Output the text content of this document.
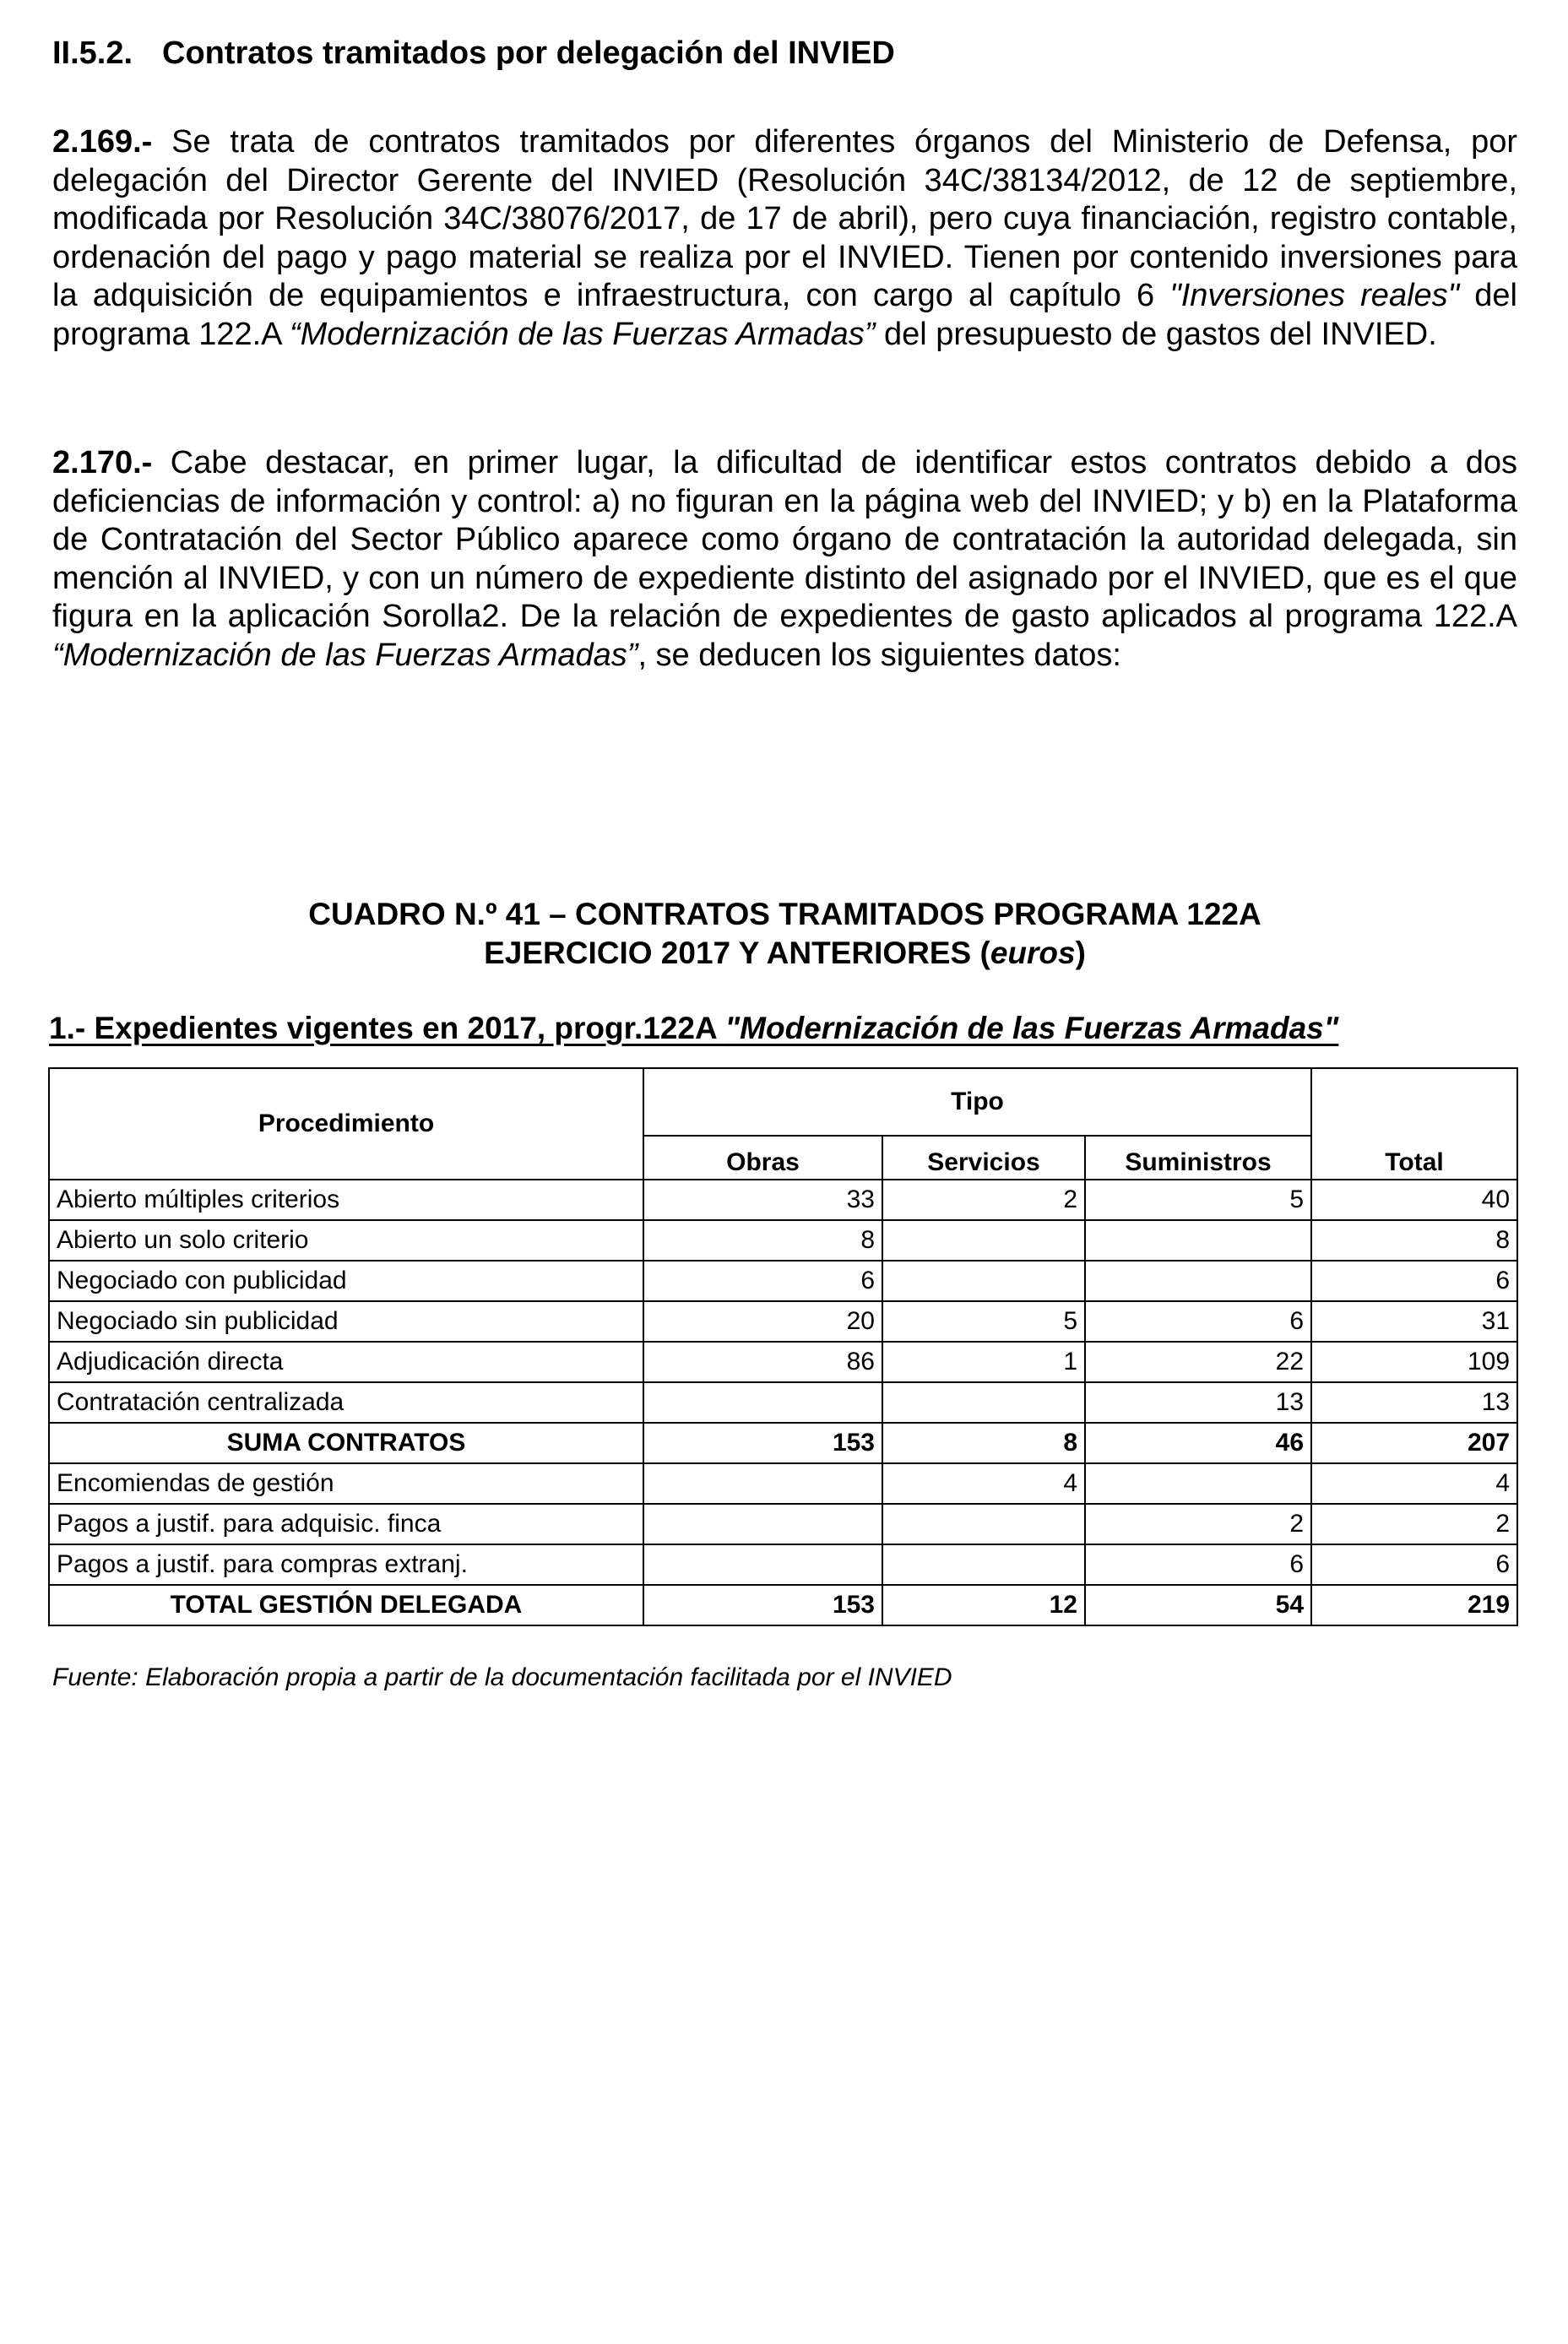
II.5.2. Contratos tramitados por delegación del INVIED
2.169.- Se trata de contratos tramitados por diferentes órganos del Ministerio de Defensa, por delegación del Director Gerente del INVIED (Resolución 34C/38134/2012, de 12 de septiembre, modificada por Resolución 34C/38076/2017, de 17 de abril), pero cuya financiación, registro contable, ordenación del pago y pago material se realiza por el INVIED. Tienen por contenido inversiones para la adquisición de equipamientos e infraestructura, con cargo al capítulo 6 "Inversiones reales" del programa 122.A “Modernización de las Fuerzas Armadas” del presupuesto de gastos del INVIED.
2.170.- Cabe destacar, en primer lugar, la dificultad de identificar estos contratos debido a dos deficiencias de información y control: a) no figuran en la página web del INVIED; y b) en la Plataforma de Contratación del Sector Público aparece como órgano de contratación la autoridad delegada, sin mención al INVIED, y con un número de expediente distinto del asignado por el INVIED, que es el que figura en la aplicación Sorolla2. De la relación de expedientes de gasto aplicados al programa 122.A “Modernización de las Fuerzas Armadas”, se deducen los siguientes datos:
CUADRO N.º 41 – CONTRATOS TRAMITADOS PROGRAMA 122A
EJERCICIO 2017 Y ANTERIORES (euros)
1.- Expedientes vigentes en 2017, progr.122A "Modernización de las Fuerzas Armadas"
Procedimiento	Tipo			Total
	Obras	Servicios	Suministros	
Abierto múltiples criterios	33	2	5	40
Abierto un solo criterio	8			8
Negociado con publicidad	6			6
Negociado sin publicidad	20	5	6	31
Adjudicación directa	86	1	22	109
Contratación centralizada			13	13
SUMA CONTRATOS	153	8	46	207
Encomiendas de gestión		4		4
Pagos a justif. para adquisic. finca			2	2
Pagos a justif. para compras extranj.			6	6
TOTAL GESTIÓN DELEGADA	153	12	54	219
Fuente: Elaboración propia a partir de la documentación facilitada por el INVIED
